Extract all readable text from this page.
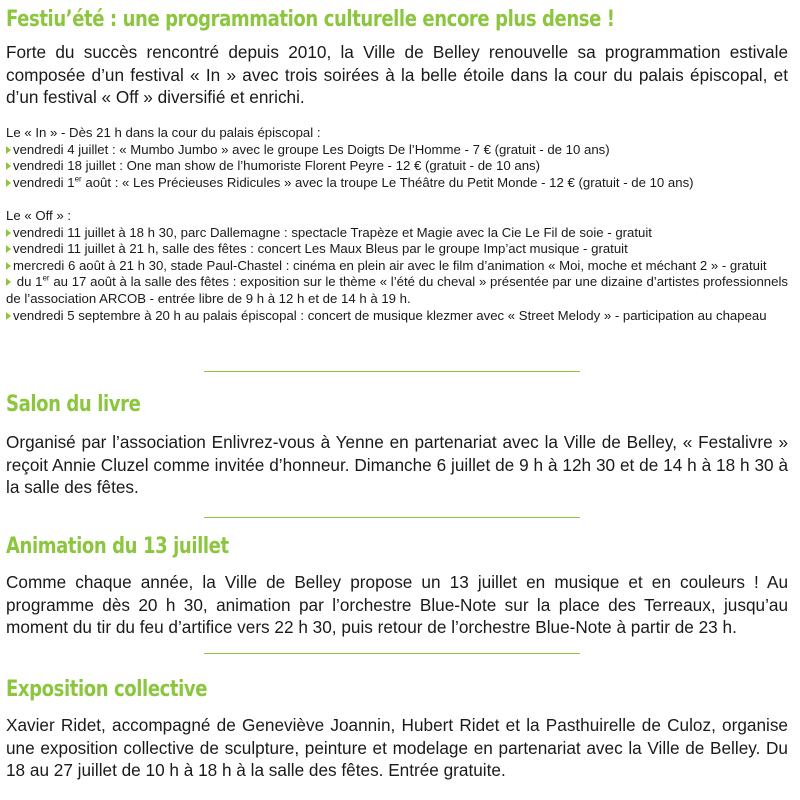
Festiu’été : une programmation culturelle encore plus dense !

Forte du succès rencontré depuis 2010, la Ville de Belley renouvelle sa programmation estivale composée d’un festival « In » avec trois soirées à la belle étoile dans la cour du palais épiscopal, et d’un festival « Off » diversifié et enrichi.

Le « In » - Dès 21 h dans la cour du palais épiscopal :

vendredi 4 juillet : « Mumbo Jumbo » avec le groupe Les Doigts De l’Homme - 7 € (gratuit - de 10 ans)
vendredi 18 juillet : One man show de l’humoriste Florent Peyre - 12 € (gratuit - de 10 ans)
vendredi 1er août : « Les Précieuses Ridicules » avec la troupe Le Théâtre du Petit Monde - 12 € (gratuit - de 10 ans)

Le « Off » :

vendredi 11 juillet à 18 h 30, parc Dallemagne : spectacle Trapèze et Magie avec la Cie Le Fil de soie - gratuit
vendredi 11 juillet à 21 h, salle des fêtes : concert Les Maux Bleus par le groupe Imp’act musique - gratuit
mercredi 6 août à 21 h 30, stade Paul-Chastel : cinéma en plein air avec le film d’animation « Moi, moche et méchant 2 » - gratuit
du 1er au 17 août à la salle des fêtes : exposition sur le thème « l’été du cheval » présentée par une dizaine d’artistes professionnels de l’association ARCOB - entrée libre de 9 h à 12 h et de 14 h à 19 h.
vendredi 5 septembre à 20 h au palais épiscopal : concert de musique klezmer avec « Street Melody » - participation au chapeau
Salon du livre

Organisé par l’association Enlivrez-vous à Yenne en partenariat avec la Ville de Belley, « Festalivre » reçoit Annie Cluzel comme invitée d’honneur. Dimanche 6 juillet de 9 h à 12h 30 et de 14 h à 18 h 30 à la salle des fêtes.

Animation du 13 juillet

Comme chaque année, la Ville de Belley propose un 13 juillet en musique et en couleurs ! Au programme dès 20 h 30, animation par l’orchestre Blue-Note sur la place des Terreaux, jusqu’au moment du tir du feu d’artifice vers 22 h 30, puis retour de l’orchestre Blue-Note à partir de 23 h.

Exposition collective

Xavier Ridet, accompagné de Geneviève Joannin, Hubert Ridet et la Pasthuirelle de Culoz, organise une exposition collective de sculpture, peinture et modelage en partenariat avec la Ville de Belley. Du 18 au 27 juillet de 10 h à 18 h à la salle des fêtes. Entrée gratuite.
